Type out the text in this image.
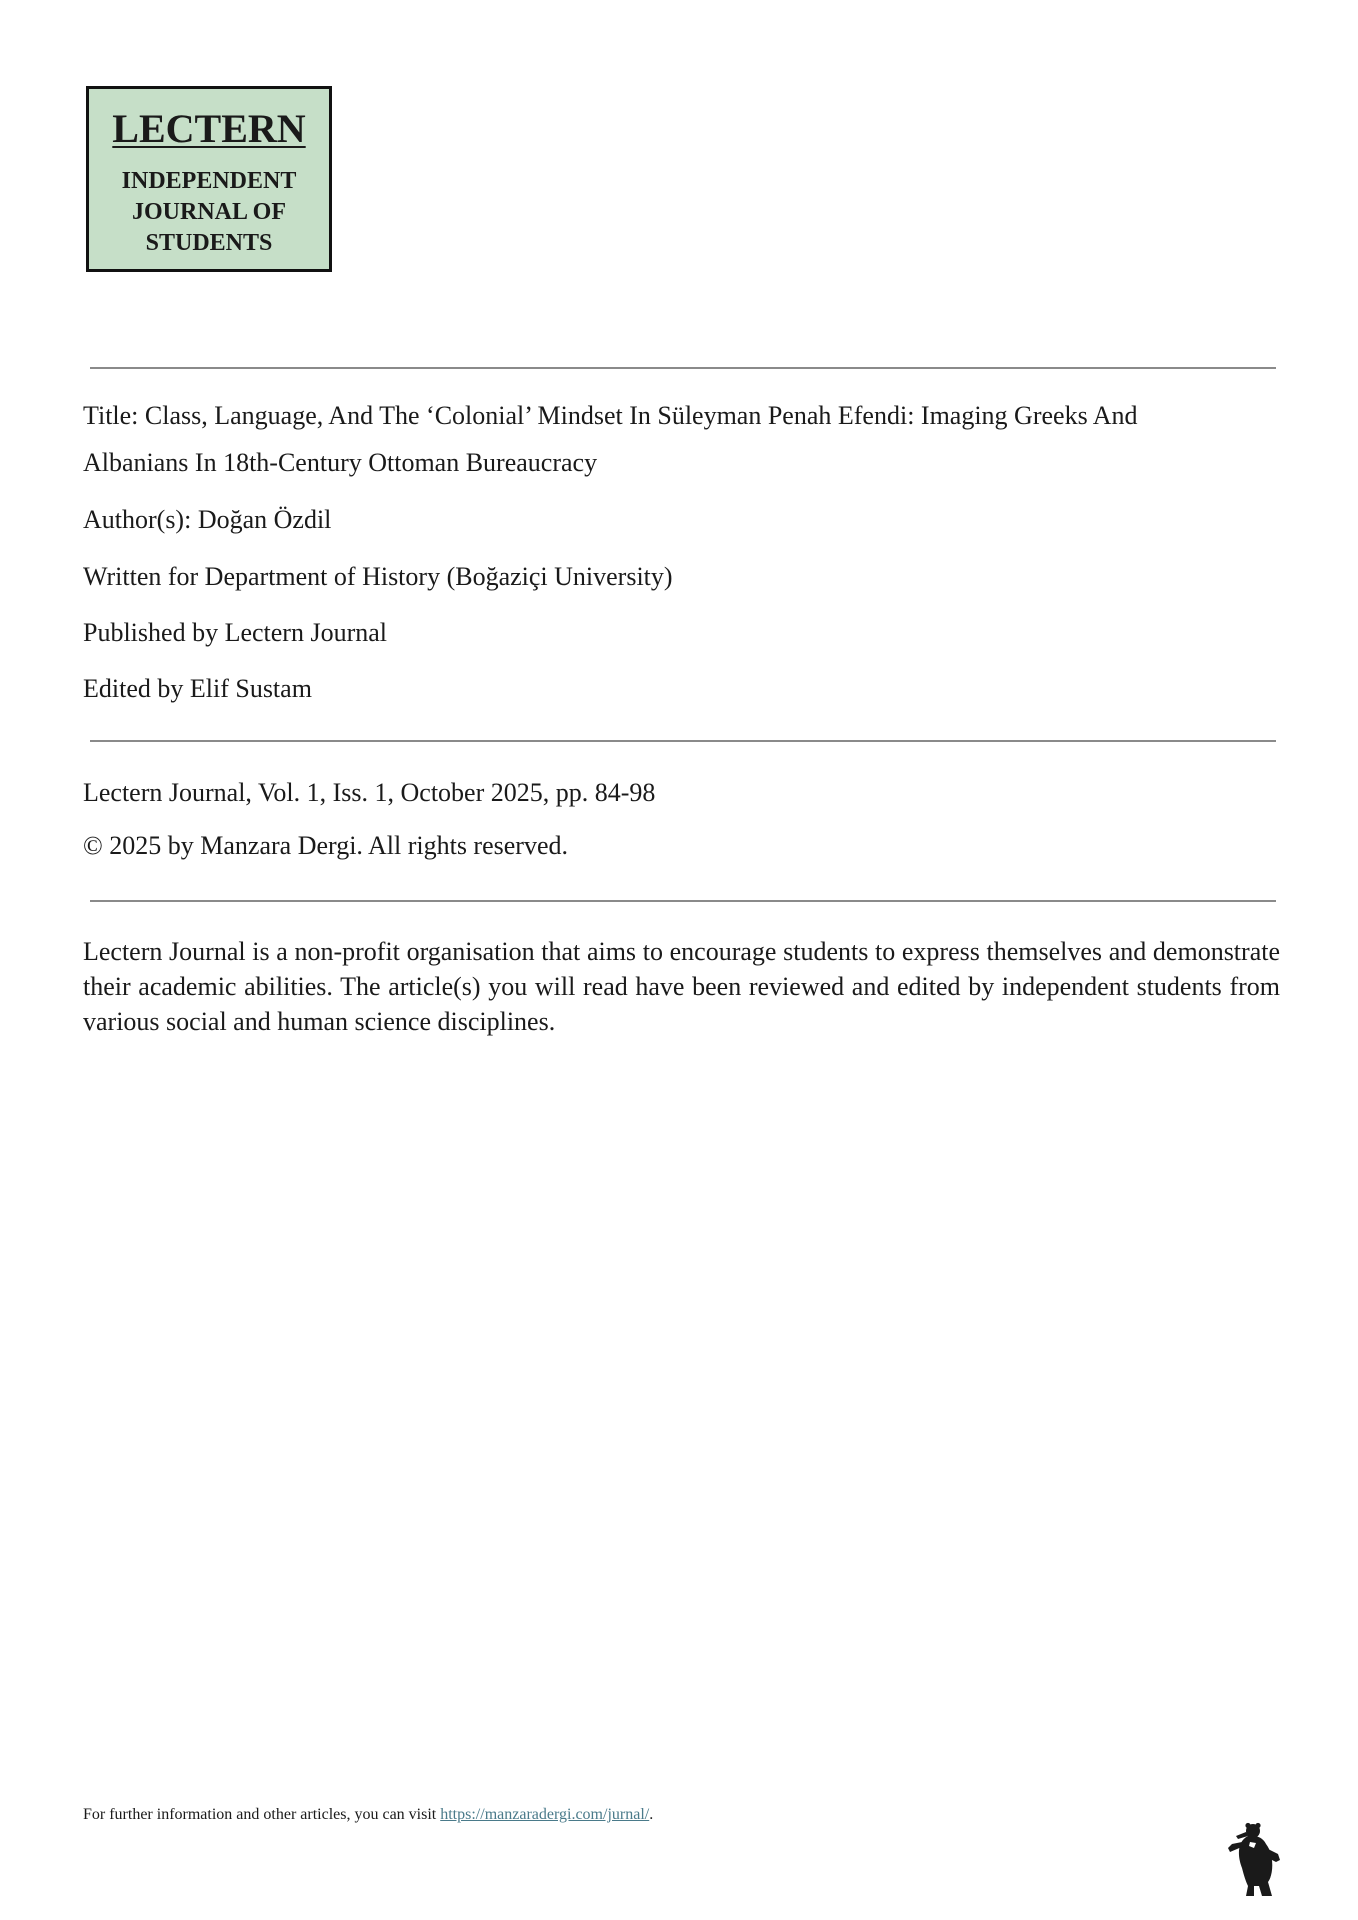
LECTERN
INDEPENDENT
JOURNAL OF
STUDENTS
Title: Class, Language, And The ‘Colonial’ Mindset In Süleyman Penah Efendi: Imaging Greeks And
Albanians In 18th-Century Ottoman Bureaucracy
Author(s): Doğan Özdil
Written for Department of History (Boğaziçi University)
Published by Lectern Journal
Edited by Elif Sustam
Lectern Journal, Vol. 1, Iss. 1, October 2025, pp. 84-98
© 2025 by Manzara Dergi. All rights reserved.

Lectern Journal is a non-profit organisation that aims to encourage students to express themselves and demonstrate their academic abilities. The article(s) you will read have been reviewed and edited by independent students from various social and human science disciplines.

For further information and other articles, you can visit https://manzaradergi.com/jurnal/.
